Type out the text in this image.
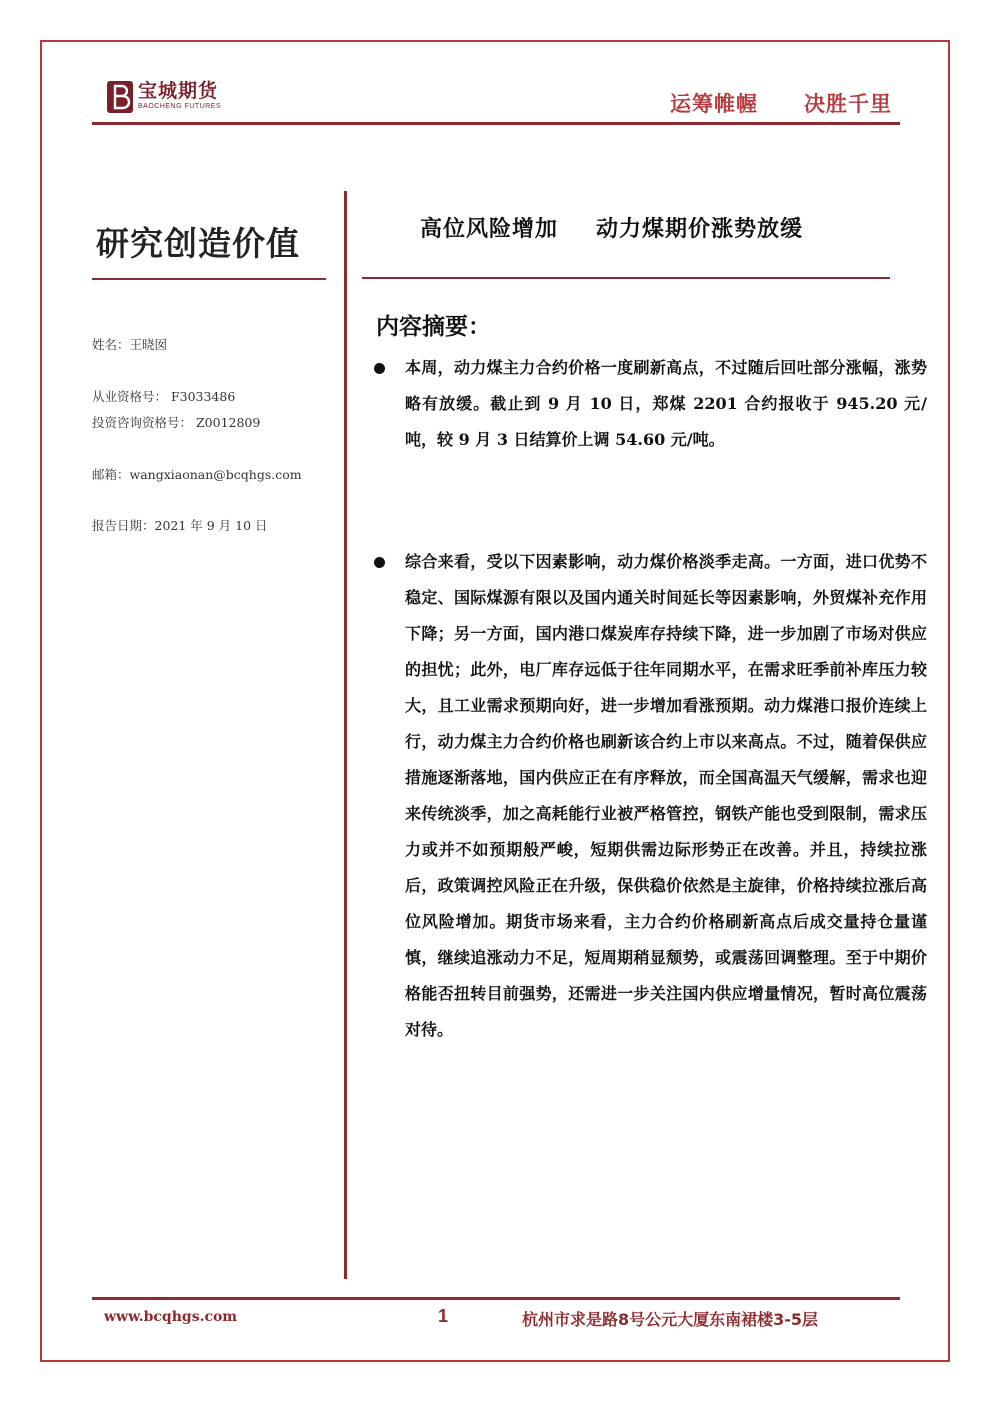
宝城期货
BAOCHENG FUTURES	运筹帷幄 决胜千里
研究创造价值
姓名：王晓囡
从业资格号： F3033486
投资咨询资格号： Z0012809
邮箱：wangxiaonan@bcqhgs.com
报告日期：2021 年 9 月 10 日
高位风险增加 动力煤期价涨势放缓
内容摘要：
本周，动力煤主力合约价格一度刷新高点，不过随后回吐部分涨幅，涨势略有放缓。截止到 9 月 10 日，郑煤 2201 合约报收于 945.20 元/吨，较 9 月 3 日结算价上调 54.60 元/吨。
综合来看，受以下因素影响，动力煤价格淡季走高。一方面，进口优势不稳定、国际煤源有限以及国内通关时间延长等因素影响，外贸煤补充作用下降；另一方面，国内港口煤炭库存持续下降，进一步加剧了市场对供应的担忧；此外，电厂库存远低于往年同期水平，在需求旺季前补库压力较大，且工业需求预期向好，进一步增加看涨预期。动力煤港口报价连续上行，动力煤主力合约价格也刷新该合约上市以来高点。不过，随着保供应措施逐渐落地，国内供应正在有序释放，而全国高温天气缓解，需求也迎来传统淡季，加之高耗能行业被严格管控，钢铁产能也受到限制，需求压力或并不如预期般严峻，短期供需边际形势正在改善。并且，持续拉涨后，政策调控风险正在升级，保供稳价依然是主旋律，价格持续拉涨后高位风险增加。期货市场来看，主力合约价格刷新高点后成交量持仓量谨慎，继续追涨动力不足，短周期稍显颓势，或震荡回调整理。至于中期价格能否扭转目前强势，还需进一步关注国内供应增量情况，暂时高位震荡对待。
www.bcqhgs.com	1	杭州市求是路8号公元大厦东南裙楼3-5层
